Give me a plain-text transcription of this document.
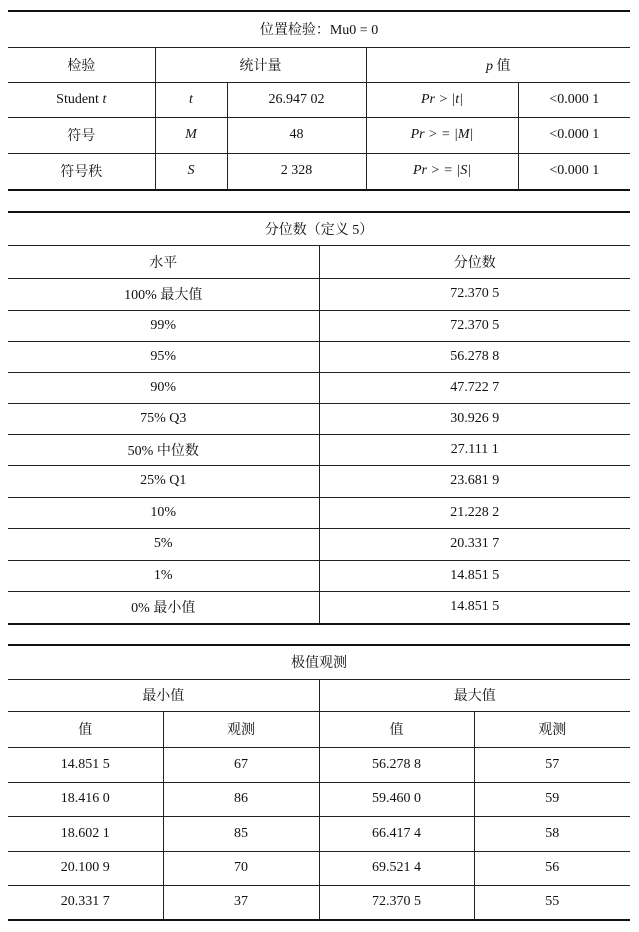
位置检验：Mu0 = 0				
检验	统计量		p 值	
Student t	t	26.947 02	Pr > |t|	<0.000 1
符号	M	48	Pr > = |M|	<0.000 1
符号秩	S	2 328	Pr > = |S|	<0.000 1
分位数（定义 5）	
水平	分位数
100% 最大值	72.370 5
99%	72.370 5
95%	56.278 8
90%	47.722 7
75% Q3	30.926 9
50% 中位数	27.111 1
25% Q1	23.681 9
10%	21.228 2
5%	20.331 7
1%	14.851 5
0% 最小值	14.851 5
极值观测			
最小值		最大值	
值	观测	值	观测
14.851 5	67	56.278 8	57
18.416 0	86	59.460 0	59
18.602 1	85	66.417 4	58
20.100 9	70	69.521 4	56
20.331 7	37	72.370 5	55
